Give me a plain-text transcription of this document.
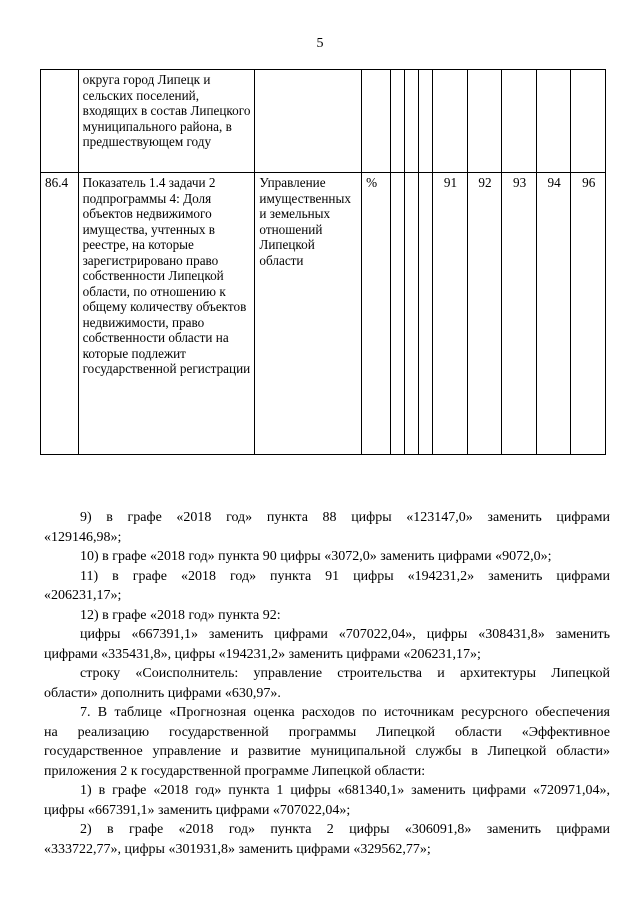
5
	округа город Липецк и сельских поселений, входящих в состав Липецкого муниципального района, в предшествующем году										
86.4	Показатель 1.4 задачи 2 подпрограммы 4: Доля объектов недвижимого имущества, учтенных в реестре, на которые зарегистрировано право собственности Липецкой области, по отношению к общему количеству объектов недвижимости, право собственности области на которые подлежит государственной регистрации	Управление имущественных и земельных отношений Липецкой области	%				91	92	93	94	96

9) в графе «2018 год» пункта 88 цифры «123147,0» заменить цифрами

«129146,98»;

10) в графе «2018 год» пункта 90 цифры «3072,0» заменить цифрами «9072,0»;

11) в графе «2018 год» пункта 91 цифры «194231,2» заменить цифрами

«206231,17»;

12) в графе «2018 год» пункта 92:

цифры «667391,1» заменить цифрами «707022,04», цифры «308431,8» заменить

цифрами «335431,8», цифры «194231,2» заменить цифрами «206231,17»;

строку «Соисполнитель: управление строительства и архитектуры Липецкой

области» дополнить цифрами «630,97».

7. В таблице «Прогнозная оценка расходов по источникам ресурсного обеспечения

на реализацию государственной программы Липецкой области «Эффективное

государственное управление и развитие муниципальной службы в Липецкой области»

приложения 2 к государственной программе Липецкой области:

1) в графе «2018 год» пункта 1 цифры «681340,1» заменить цифрами «720971,04»,

цифры «667391,1» заменить цифрами «707022,04»;

2) в графе «2018 год» пункта 2 цифры «306091,8» заменить цифрами

«333722,77», цифры «301931,8» заменить цифрами «329562,77»;
